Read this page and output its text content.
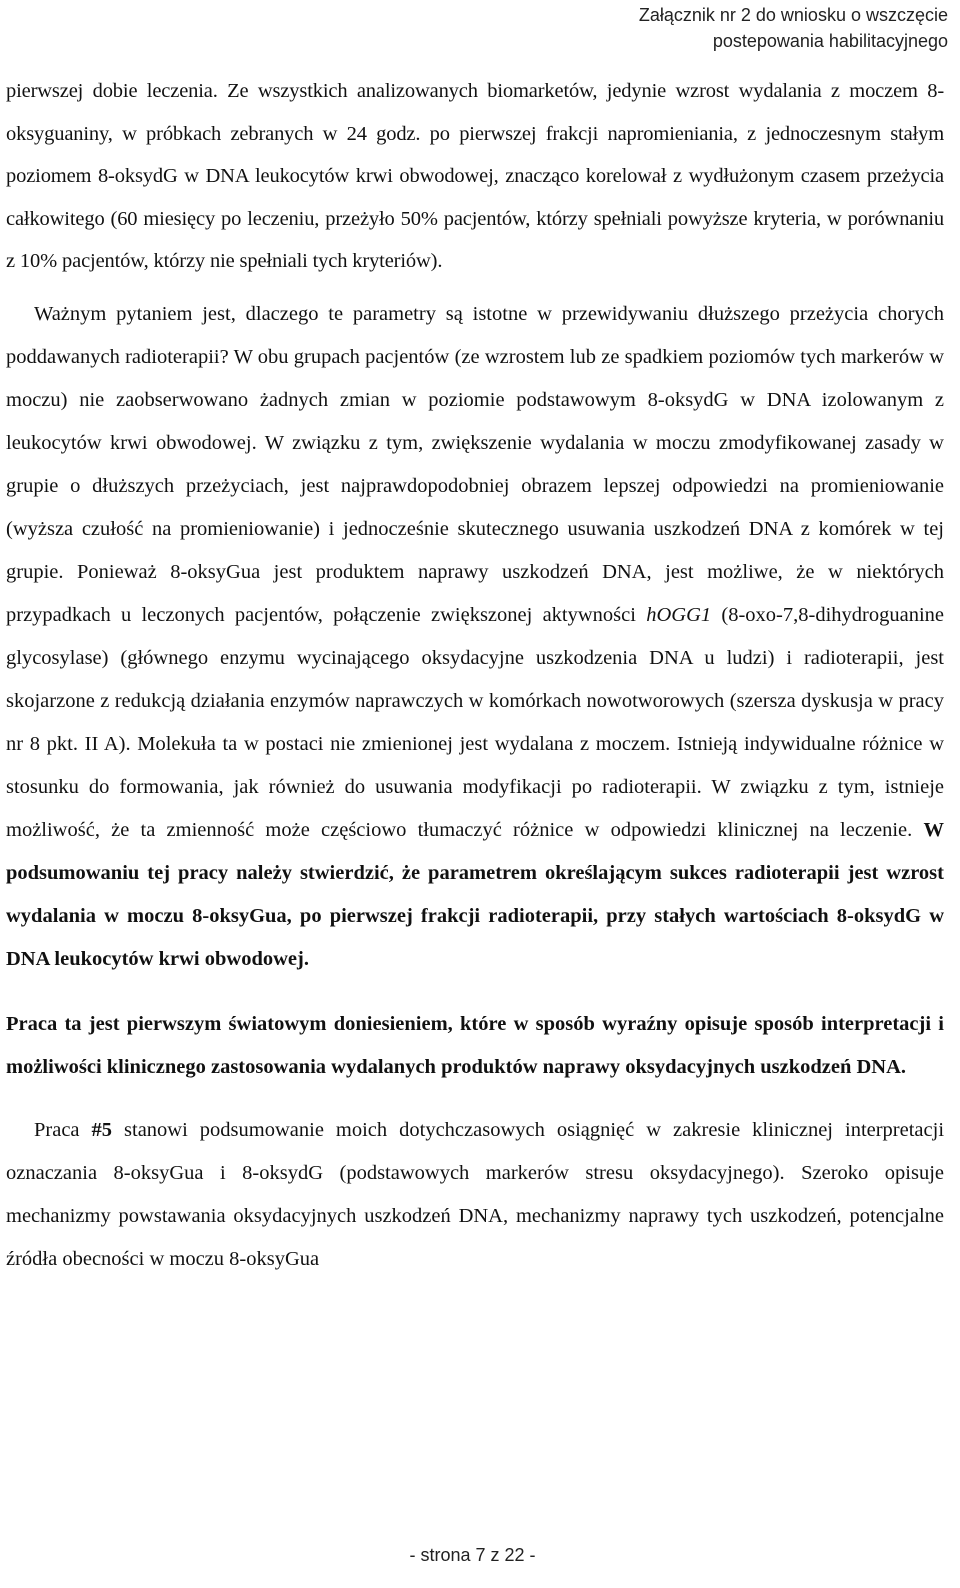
Załącznik nr 2 do wniosku o wszczęcie
postepowania habilitacyjnego

pierwszej dobie leczenia. Ze wszystkich analizowanych biomarketów, jedynie wzrost wydalania z moczem 8-oksyguaniny, w próbkach zebranych w 24 godz. po pierwszej frakcji napromieniania, z jednoczesnym stałym poziomem 8-oksydG w DNA leukocytów krwi obwodowej, znacząco korelował z wydłużonym czasem przeżycia całkowitego (60 miesięcy po leczeniu, przeżyło 50% pacjentów, którzy spełniali powyższe kryteria, w porównaniu z 10% pacjentów, którzy nie spełniali tych kryteriów).

Ważnym pytaniem jest, dlaczego te parametry są istotne w przewidywaniu dłuższego przeżycia chorych poddawanych radioterapii? W obu grupach pacjentów (ze wzrostem lub ze spadkiem poziomów tych markerów w moczu) nie zaobserwowano żadnych zmian w poziomie podstawowym 8-oksydG w DNA izolowanym z leukocytów krwi obwodowej. W związku z tym, zwiększenie wydalania w moczu zmodyfikowanej zasady w grupie o dłuższych przeżyciach, jest najprawdopodobniej obrazem lepszej odpowiedzi na promieniowanie (wyższa czułość na promieniowanie) i jednocześnie skutecznego usuwania uszkodzeń DNA z komórek w tej grupie. Ponieważ 8-oksyGua jest produktem naprawy uszkodzeń DNA, jest możliwe, że w niektórych przypadkach u leczonych pacjentów, połączenie zwiększonej aktywności hOGG1 (8-oxo-7,8-dihydroguanine glycosylase) (głównego enzymu wycinającego oksydacyjne uszkodzenia DNA u ludzi) i radioterapii, jest skojarzone z redukcją działania enzymów naprawczych w komórkach nowotworowych (szersza dyskusja w pracy nr 8 pkt. II A). Molekuła ta w postaci nie zmienionej jest wydalana z moczem. Istnieją indywidualne różnice w stosunku do formowania, jak również do usuwania modyfikacji po radioterapii. W związku z tym, istnieje możliwość, że ta zmienność może częściowo tłumaczyć różnice w odpowiedzi klinicznej na leczenie. W podsumowaniu tej pracy należy stwierdzić, że parametrem określającym sukces radioterapii jest wzrost wydalania w moczu 8-oksyGua, po pierwszej frakcji radioterapii, przy stałych wartościach 8-oksydG w DNA leukocytów krwi obwodowej.

Praca ta jest pierwszym światowym doniesieniem, które w sposób wyraźny opisuje sposób interpretacji i możliwości klinicznego zastosowania wydalanych produktów naprawy oksydacyjnych uszkodzeń DNA.

Praca #5 stanowi podsumowanie moich dotychczasowych osiągnięć w zakresie klinicznej interpretacji oznaczania 8-oksyGua i 8-oksydG (podstawowych markerów stresu oksydacyjnego). Szeroko opisuje mechanizmy powstawania oksydacyjnych uszkodzeń DNA, mechanizmy naprawy tych uszkodzeń, potencjalne źródła obecności w moczu 8-oksyGua

- strona 7 z 22 -
